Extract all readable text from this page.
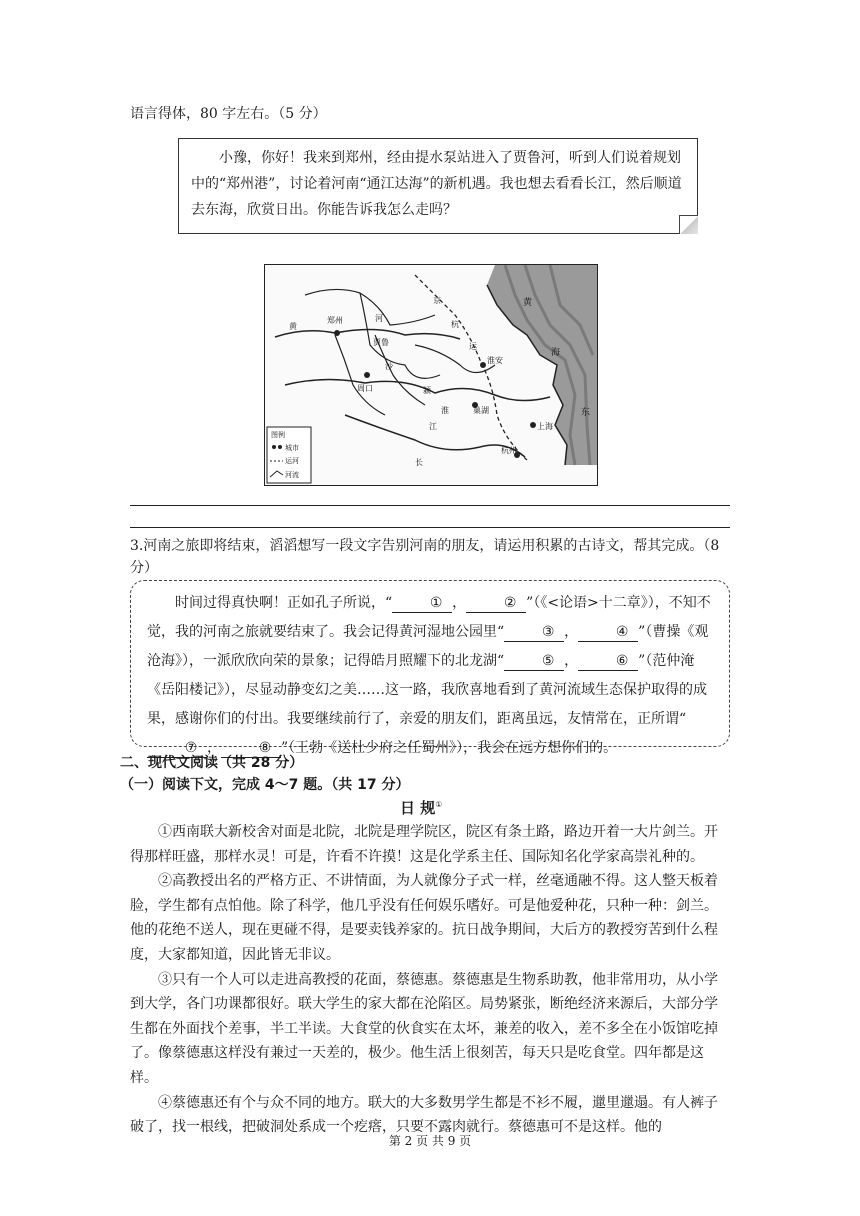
语言得体，80 字左右。（5 分）

小豫，你好！我来到郑州，经由提水泵站进入了贾鲁河，听到人们说着规划中的“郑州港”，讨论着河南“通江达海”的新机遇。我也想去看看长江，然后顺道去东海，欣赏日出。你能告诉我怎么走吗？

黄
郑州	河
贾鲁
周口
沙
颍
京
杭
运
淮安
淮
江
巢湖
上海
杭州
长
黄
海
东
图例
城市
运河
河流
3.河南之旅即将结束，滔滔想写一段文字告别河南的朋友，请运用积累的古诗文，帮其完成。（8 分）

时间过得真快啊！正如孔子所说，“	① ，	② ”（《<论语>十二章》），不知不觉，我的河南之旅就要结束了。我会记得黄河湿地公园里“	③ ，	④ ”（曹操《观沧海》），一派欣欣向荣的景象；记得皓月照耀下的北龙湖“	⑤ ，	⑥ ”（范仲淹《岳阳楼记》），尽显动静变幻之美……这一路，我欣喜地看到了黄河流域生态保护取得的成果，感谢你们的付出。我要继续前行了，亲爱的朋友们，距离虽远，友情常在，正所谓“⑦ ，	⑧ ”（王勃《送杜少府之任蜀州》），我会在远方想你们的。

二、现代文阅读（共 28 分）
（一）阅读下文，完成 4～7 题。（共 17 分）
日 规①

①西南联大新校舍对面是北院，北院是理学院区，院区有条土路，路边开着一大片剑兰。开得那样旺盛，那样水灵！可是，许看不许摸！这是化学系主任、国际知名化学家高崇礼种的。

②高教授出名的严格方正、不讲情面，为人就像分子式一样，丝毫通融不得。这人整天板着脸，学生都有点怕他。除了科学，他几乎没有任何娱乐嗜好。可是他爱种花，只种一种：剑兰。他的花绝不送人，现在更碰不得，是要卖钱养家的。抗日战争期间，大后方的教授穷苦到什么程度，大家都知道，因此皆无非议。

③只有一个人可以走进高教授的花面，蔡德惠。蔡德惠是生物系助教，他非常用功，从小学到大学，各门功课都很好。联大学生的家大都在沦陷区。局势紧张，断绝经济来源后，大部分学生都在外面找个差事，半工半读。大食堂的伙食实在太坏，兼差的收入，差不多全在小饭馆吃掉了。像蔡德惠这样没有兼过一天差的，极少。他生活上很刻苦，每天只是吃食堂。四年都是这样。

④蔡德惠还有个与众不同的地方。联大的大多数男学生都是不衫不履，邋里邋遢。有人裤子破了，找一根线，把破洞处系成一个疙瘩，只要不露肉就行。蔡德惠可不是这样。他的

第 2 页 共 9 页
